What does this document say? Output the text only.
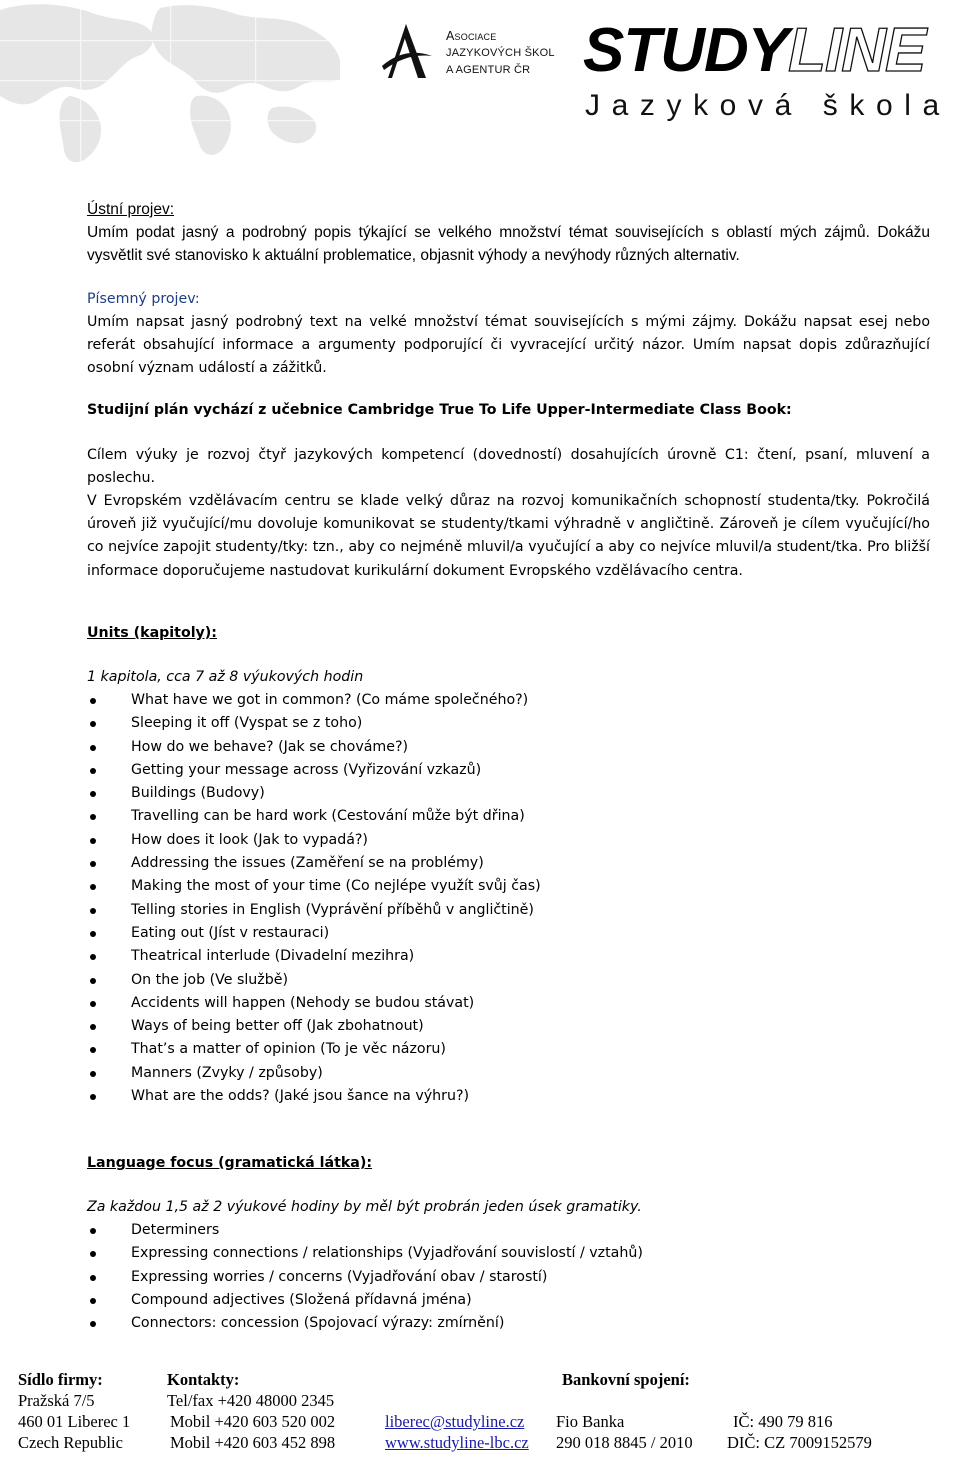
Asociace
JAZYKOVÝCH ŠKOL
A AGENTUR ČR STUDYLINE
Jazyková škola
Ústní projev:
Umím podat jasný a podrobný popis týkající se velkého množství témat souvisejících s oblastí mých zájmů. Dokážu vysvětlit své stanovisko k aktuální problematice, objasnit výhody a nevýhody různých alternativ.
Písemný projev:
Umím napsat jasný podrobný text na velké množství témat souvisejících s mými zájmy. Dokážu napsat esej nebo referát obsahující informace a argumenty podporující či vyvracející určitý názor. Umím napsat dopis zdůrazňující osobní význam událostí a zážitků.
Studijní plán vychází z učebnice Cambridge True To Life Upper-Intermediate Class Book:
Cílem výuky je rozvoj čtyř jazykových kompetencí (dovedností) dosahujících úrovně C1: čtení, psaní, mluvení a poslechu.
V Evropském vzdělávacím centru se klade velký důraz na rozvoj komunikačních schopností studenta/tky. Pokročilá úroveň již vyučující/mu dovoluje komunikovat se studenty/tkami výhradně v angličtině. Zároveň je cílem vyučující/ho co nejvíce zapojit studenty/tky: tzn., aby co nejméně mluvil/a vyučující a aby co nejvíce mluvil/a student/tka. Pro bližší informace doporučujeme nastudovat kurikulární dokument Evropského vzdělávacího centra.
Units (kapitoly):
1 kapitola, cca 7 až 8 výukových hodin
What have we got in common? (Co máme společného?)
Sleeping it off (Vyspat se z toho)
How do we behave? (Jak se chováme?)
Getting your message across (Vyřizování vzkazů)
Buildings (Budovy)
Travelling can be hard work (Cestování může být dřina)
How does it look (Jak to vypadá?)
Addressing the issues (Zaměření se na problémy)
Making the most of your time (Co nejlépe využít svůj čas)
Telling stories in English (Vyprávění příběhů v angličtině)
Eating out (Jíst v restauraci)
Theatrical interlude (Divadelní mezihra)
On the job (Ve službě)
Accidents will happen (Nehody se budou stávat)
Ways of being better off (Jak zbohatnout)
That’s a matter of opinion (To je věc názoru)
Manners (Zvyky / způsoby)
What are the odds? (Jaké jsou šance na výhru?)
Language focus (gramatická látka):
Za každou 1,5 až 2 výukové hodiny by měl být probrán jeden úsek gramatiky.
Determiners
Expressing connections / relationships (Vyjadřování souvislostí / vztahů)
Expressing worries / concerns (Vyjadřování obav / starostí)
Compound adjectives (Složená přídavná jména)
Connectors: concession (Spojovací výrazy: zmírnění)
Sídlo firmy:	Kontakty:	Bankovní spojení:
Pražská 7/5
460 01 Liberec 1
Czech Republic
Tel/fax +420 48000 2345
Mobil +420 603 520 002
Mobil +420 603 452 898
liberec@studyline.cz
www.studyline-lbc.cz
Fio Banka
290 018 8845 / 2010
IČ: 490 79 816
DIČ: CZ 7009152579
